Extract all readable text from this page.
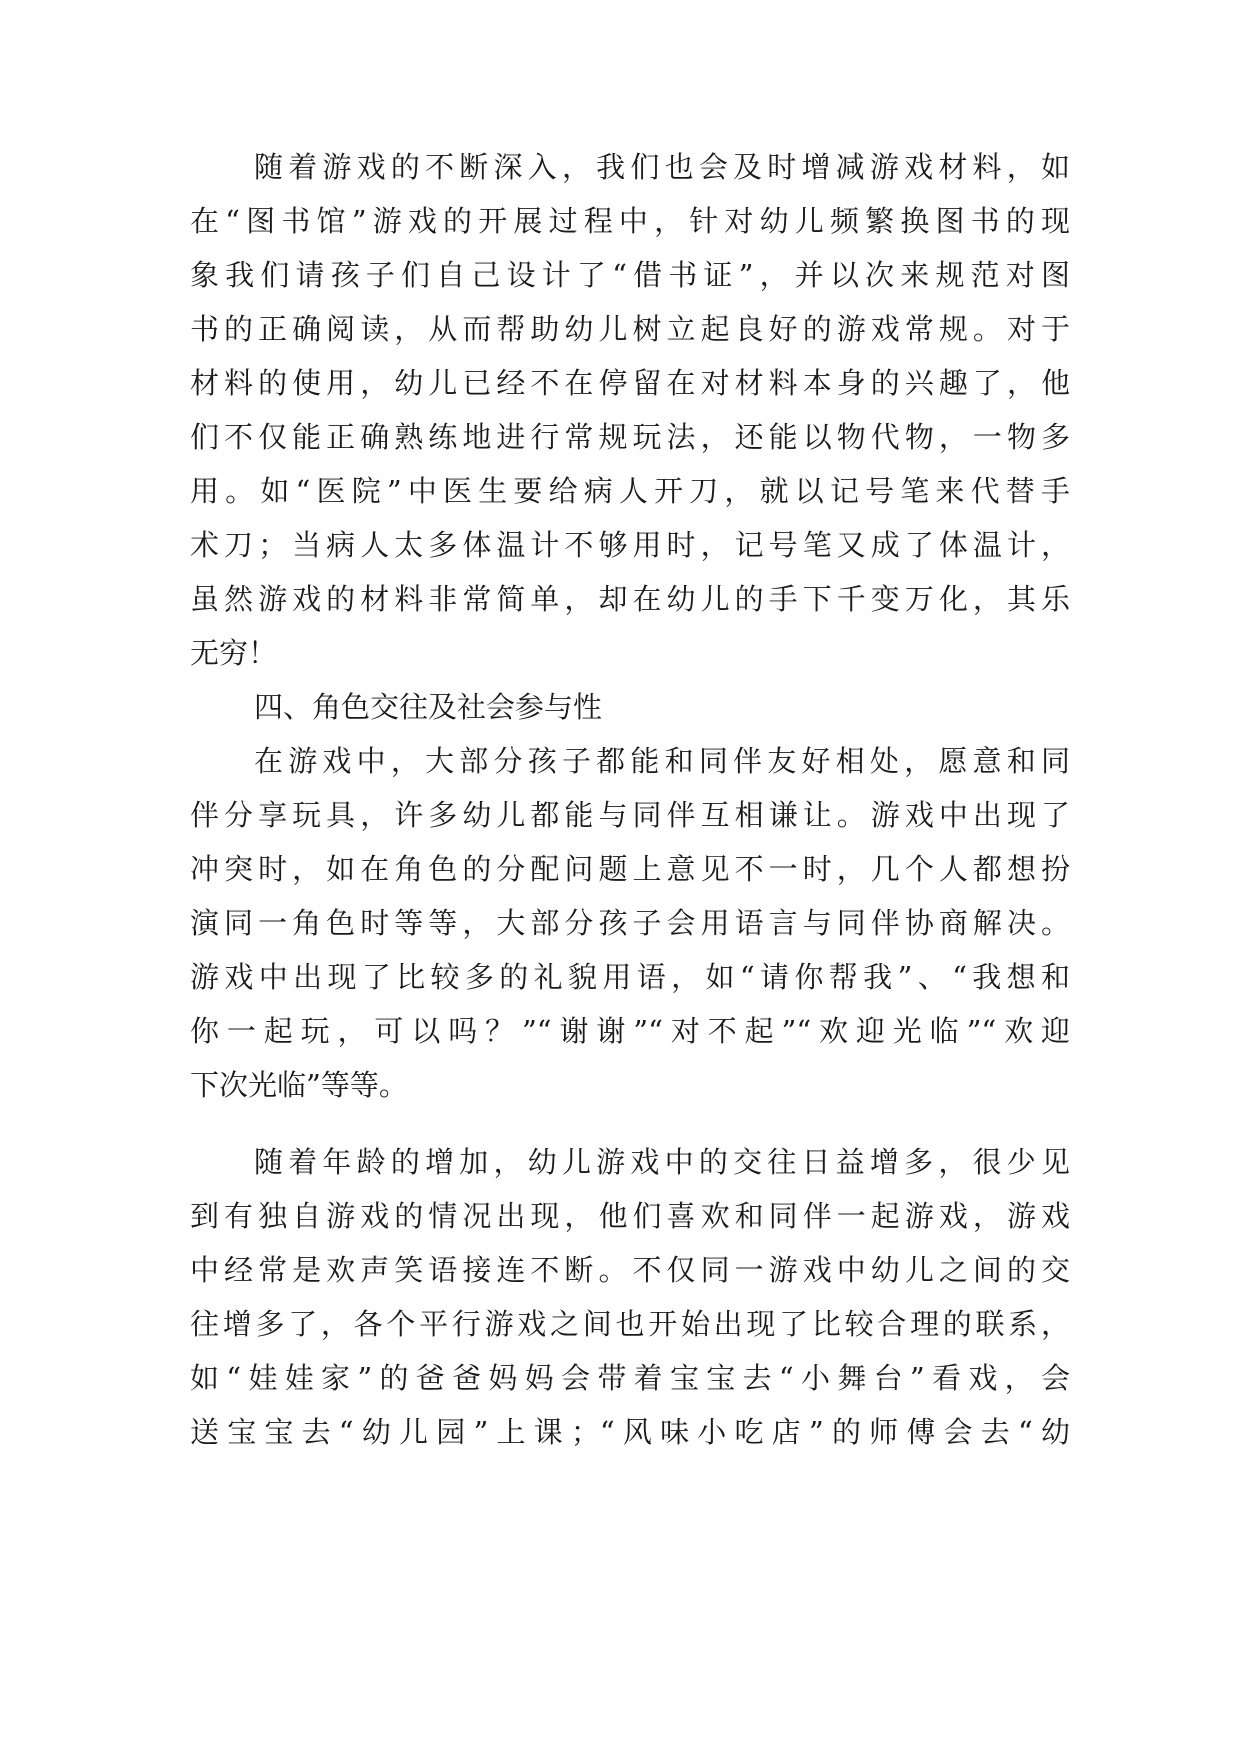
随着游戏的不断深入，我们也会及时增减游戏材料，如
在“图书馆”游戏的开展过程中，针对幼儿频繁换图书的现
象我们请孩子们自己设计了“借书证”，并以次来规范对图
书的正确阅读，从而帮助幼儿树立起良好的游戏常规。对于
材料的使用，幼儿已经不在停留在对材料本身的兴趣了，他
们不仅能正确熟练地进行常规玩法，还能以物代物，一物多
用。如“医院”中医生要给病人开刀，就以记号笔来代替手
术刀；当病人太多体温计不够用时，记号笔又成了体温计，
虽然游戏的材料非常简单，却在幼儿的手下千变万化，其乐
无穷！
四、角色交往及社会参与性
在游戏中，大部分孩子都能和同伴友好相处，愿意和同
伴分享玩具，许多幼儿都能与同伴互相谦让。游戏中出现了
冲突时，如在角色的分配问题上意见不一时，几个人都想扮
演同一角色时等等，大部分孩子会用语言与同伴协商解决。
游戏中出现了比较多的礼貌用语，如“请你帮我”、“我想和
你一起玩，可以吗？”“谢谢”“对不起”“欢迎光临”“欢迎
下次光临”等等。
随着年龄的增加，幼儿游戏中的交往日益增多，很少见
到有独自游戏的情况出现，他们喜欢和同伴一起游戏，游戏
中经常是欢声笑语接连不断。不仅同一游戏中幼儿之间的交
往增多了，各个平行游戏之间也开始出现了比较合理的联系，
如“娃娃家”的爸爸妈妈会带着宝宝去“小舞台”看戏，会
送宝宝去“幼儿园”上课；“风味小吃店”的师傅会去“幼
